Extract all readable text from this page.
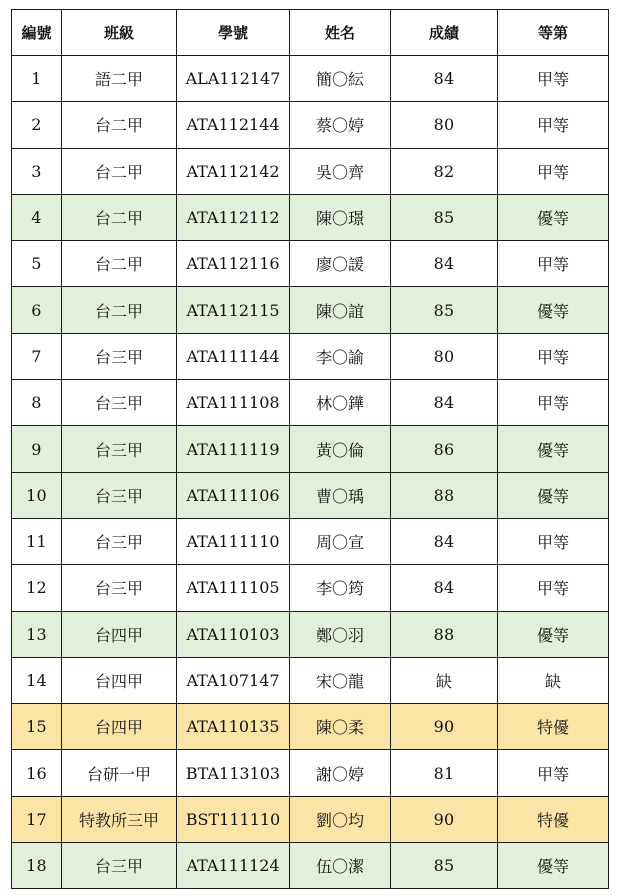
編號	班級	學號	姓名	成績	等第
1	語二甲	ALA112147	簡〇紜	84	甲等
2	台二甲	ATA112144	蔡〇婷	80	甲等
3	台二甲	ATA112142	吳〇齊	82	甲等
4	台二甲	ATA112112	陳〇璟	85	優等
5	台二甲	ATA112116	廖〇諼	84	甲等
6	台二甲	ATA112115	陳〇誼	85	優等
7	台三甲	ATA111144	李〇諭	80	甲等
8	台三甲	ATA111108	林〇鏵	84	甲等
9	台三甲	ATA111119	黃〇倫	86	優等
10	台三甲	ATA111106	曹〇瑀	88	優等
11	台三甲	ATA111110	周〇宣	84	甲等
12	台三甲	ATA111105	李〇筠	84	甲等
13	台四甲	ATA110103	鄭〇羽	88	優等
14	台四甲	ATA107147	宋〇龍	缺	缺
15	台四甲	ATA110135	陳〇柔	90	特優
16	台研一甲	BTA113103	謝〇婷	81	甲等
17	特教所三甲	BST111110	劉〇均	90	特優
18	台三甲	ATA111124	伍〇潔	85	優等
